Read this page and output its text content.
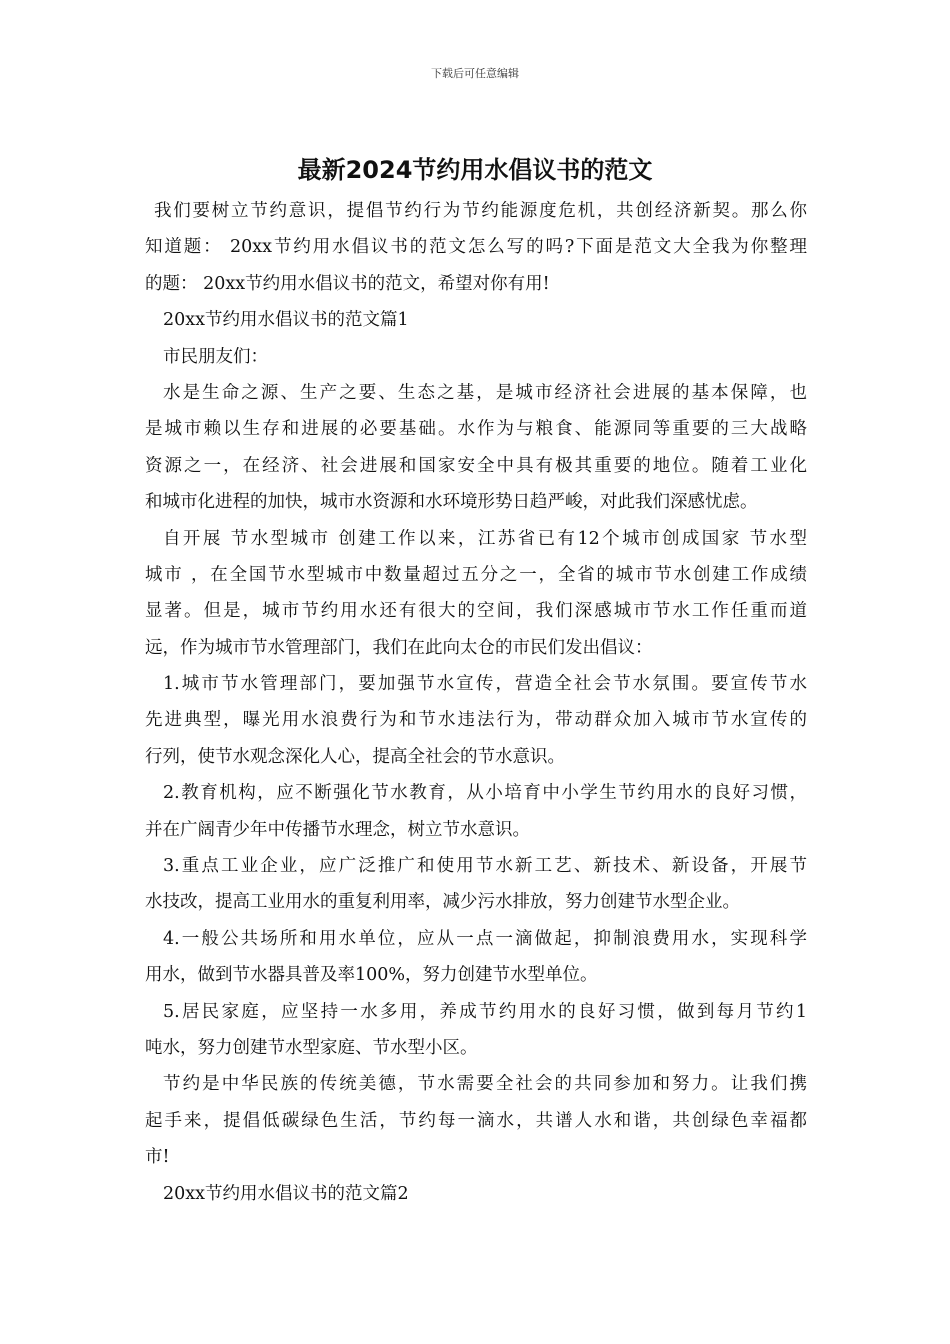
下载后可任意编辑
最新2024节约用水倡议书的范文
我们要树立节约意识，提倡节约行为节约能源度危机，共创经济新契。那么你
知道题： 20xx节约用水倡议书的范文怎么写的吗?下面是范文大全我为你整理
的题： 20xx节约用水倡议书的范文，希望对你有用!
20xx节约用水倡议书的范文篇1
市民朋友们：
水是生命之源、生产之要、生态之基，是城市经济社会进展的基本保障，也
是城市赖以生存和进展的必要基础。水作为与粮食、能源同等重要的三大战略
资源之一，在经济、社会进展和国家安全中具有极其重要的地位。随着工业化
和城市化进程的加快，城市水资源和水环境形势日趋严峻，对此我们深感忧虑。
自开展 节水型城市 创建工作以来，江苏省已有12个城市创成国家 节水型
城市 ，在全国节水型城市中数量超过五分之一，全省的城市节水创建工作成绩
显著。但是，城市节约用水还有很大的空间，我们深感城市节水工作任重而道
远，作为城市节水管理部门，我们在此向太仓的市民们发出倡议：
1.城市节水管理部门，要加强节水宣传，营造全社会节水氛围。要宣传节水
先进典型，曝光用水浪费行为和节水违法行为，带动群众加入城市节水宣传的
行列，使节水观念深化人心，提高全社会的节水意识。
2.教育机构，应不断强化节水教育，从小培育中小学生节约用水的良好习惯，
并在广阔青少年中传播节水理念，树立节水意识。
3.重点工业企业，应广泛推广和使用节水新工艺、新技术、新设备，开展节
水技改，提高工业用水的重复利用率，减少污水排放，努力创建节水型企业。
4.一般公共场所和用水单位，应从一点一滴做起，抑制浪费用水，实现科学
用水，做到节水器具普及率100%，努力创建节水型单位。
5.居民家庭，应坚持一水多用，养成节约用水的良好习惯，做到每月节约1
吨水，努力创建节水型家庭、节水型小区。
节约是中华民族的传统美德，节水需要全社会的共同参加和努力。让我们携
起手来，提倡低碳绿色生活，节约每一滴水，共谱人水和谐，共创绿色幸福都
市!
20xx节约用水倡议书的范文篇2
